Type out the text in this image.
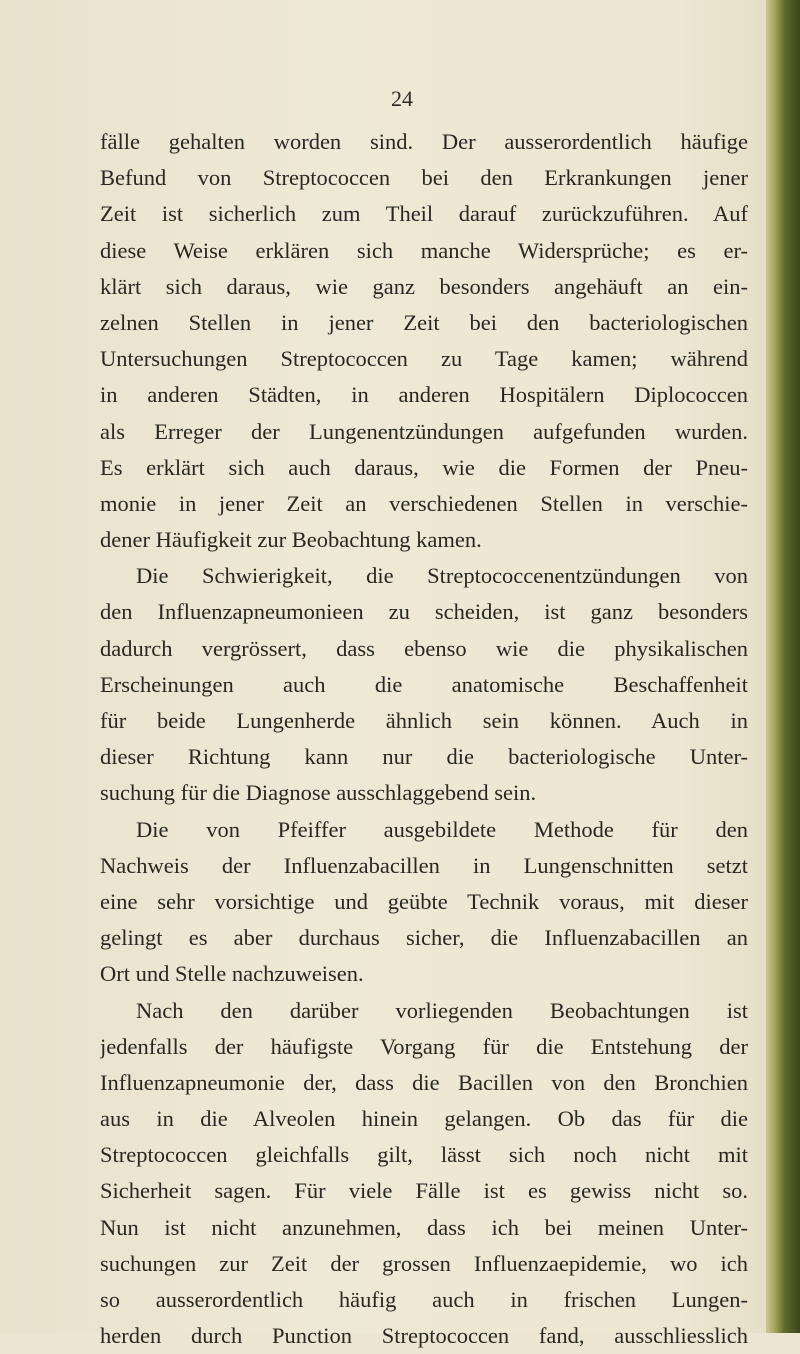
24
fälle gehalten worden sind. Der ausserordentlich häufige
Befund von Streptococcen bei den Erkrankungen jener
Zeit ist sicherlich zum Theil darauf zurückzuführen. Auf
diese Weise erklären sich manche Widersprüche; es er-
klärt sich daraus, wie ganz besonders angehäuft an ein-
zelnen Stellen in jener Zeit bei den bacteriologischen
Untersuchungen Streptococcen zu Tage kamen; während
in anderen Städten, in anderen Hospitälern Diplococcen
als Erreger der Lungenentzündungen aufgefunden wurden.
Es erklärt sich auch daraus, wie die Formen der Pneu-
monie in jener Zeit an verschiedenen Stellen in verschie-
dener Häufigkeit zur Beobachtung kamen.
Die Schwierigkeit, die Streptococcenentzündungen von
den Influenzapneumonieen zu scheiden, ist ganz besonders
dadurch vergrössert, dass ebenso wie die physikalischen
Erscheinungen auch die anatomische Beschaffenheit
für beide Lungenherde ähnlich sein können. Auch in
dieser Richtung kann nur die bacteriologische Unter-
suchung für die Diagnose ausschlaggebend sein.
Die von Pfeiffer ausgebildete Methode für den
Nachweis der Influenzabacillen in Lungenschnitten setzt
eine sehr vorsichtige und geübte Technik voraus, mit dieser
gelingt es aber durchaus sicher, die Influenzabacillen an
Ort und Stelle nachzuweisen.
Nach den darüber vorliegenden Beobachtungen ist
jedenfalls der häufigste Vorgang für die Entstehung der
Influenzapneumonie der, dass die Bacillen von den Bronchien
aus in die Alveolen hinein gelangen. Ob das für die
Streptococcen gleichfalls gilt, lässt sich noch nicht mit
Sicherheit sagen. Für viele Fälle ist es gewiss nicht so.
Nun ist nicht anzunehmen, dass ich bei meinen Unter-
suchungen zur Zeit der grossen Influenzaepidemie, wo ich
so ausserordentlich häufig auch in frischen Lungen-
herden durch Punction Streptococcen fand, ausschliesslich
